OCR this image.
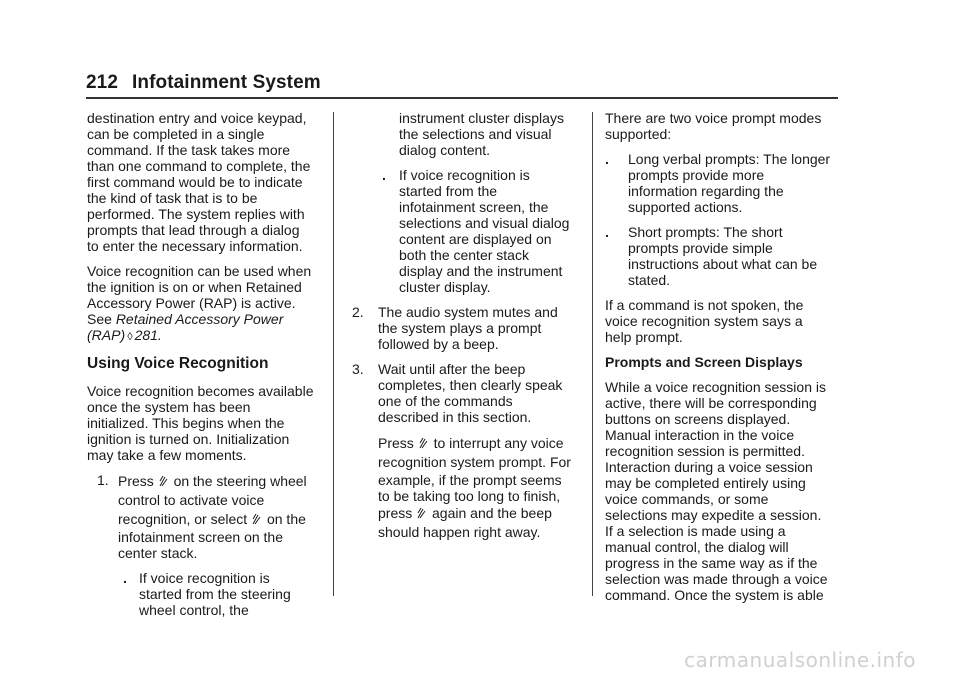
212 Infotainment System

destination entry and voice keypad,
can be completed in a single
command. If the task takes more
than one command to complete, the
first command would be to indicate
the kind of task that is to be
performed. The system replies with
prompts that lead through a dialog
to enter the necessary information.

Voice recognition can be used when
the ignition is on or when Retained
Accessory Power (RAP) is active.
See Retained Accessory Power
(RAP) ◊ 281.

Using Voice Recognition

Voice recognition becomes available
once the system has been
initialized. This begins when the
ignition is turned on. Initialization
may take a few moments.

1. Press  on the steering wheel
control to activate voice
recognition, or select  on the
infotainment screen on the
center stack.
. If voice recognition is
started from the steering
wheel control, the
instrument cluster displays
the selections and visual
dialog content.
. If voice recognition is
started from the
infotainment screen, the
selections and visual dialog
content are displayed on
both the center stack
display and the instrument
cluster display.
2. The audio system mutes and
the system plays a prompt
followed by a beep.
3. Wait until after the beep
completes, then clearly speak
one of the commands
described in this section.
Press  to interrupt any voice
recognition system prompt. For
example, if the prompt seems
to be taking too long to finish,
press  again and the beep
should happen right away.

There are two voice prompt modes
supported:

. Long verbal prompts: The longer
prompts provide more
information regarding the
supported actions.
. Short prompts: The short
prompts provide simple
instructions about what can be
stated.

If a command is not spoken, the
voice recognition system says a
help prompt.

Prompts and Screen Displays

While a voice recognition session is
active, there will be corresponding
buttons on screens displayed.
Manual interaction in the voice
recognition session is permitted.
Interaction during a voice session
may be completed entirely using
voice commands, or some
selections may expedite a session.
If a selection is made using a
manual control, the dialog will
progress in the same way as if the
selection was made through a voice
command. Once the system is able

carmanualsonline.info
